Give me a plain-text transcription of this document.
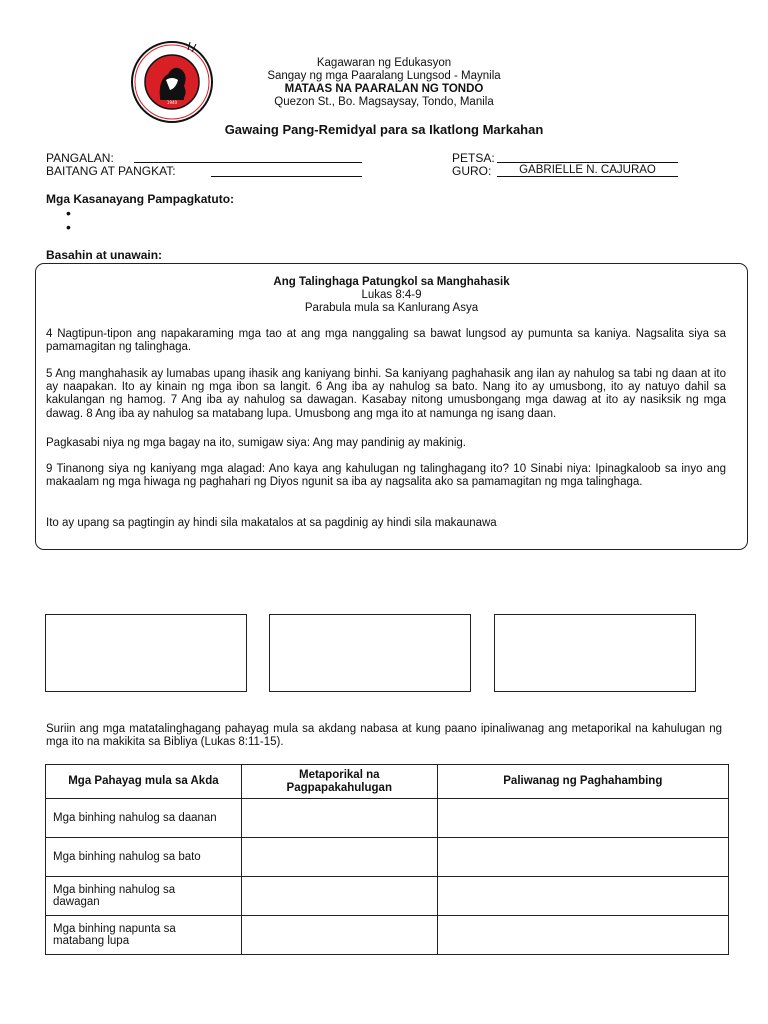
1940
Kagawaran ng Edukasyon
Sangay ng mga Paaralang Lungsod - Maynila
MATAAS NA PAARALAN NG TONDO
Quezon St., Bo. Magsaysay, Tondo, Manila
Gawaing Pang-Remidyal para sa Ikatlong Markahan
PANGALAN:
BAITANG AT PANGKAT:
PETSA:
GURO:	GABRIELLE N. CAJURAO
Mga Kasanayang Pampagkatuto:
•
•
Basahin at unawain:
Ang Talinghaga Patungkol sa Manghahasik
Lukas 8:4-9
Parabula mula sa Kanlurang Asya
4 Nagtipun-tipon ang napakaraming mga tao at ang mga nanggaling sa bawat lungsod ay pumunta sa kaniya. Nagsalita siya sa pamamagitan ng talinghaga.
5 Ang manghahasik ay lumabas upang ihasik ang kaniyang binhi. Sa kaniyang paghahasik ang ilan ay nahulog sa tabi ng daan at ito ay naapakan. Ito ay kinain ng mga ibon sa langit. 6 Ang iba ay nahulog sa bato. Nang ito ay umusbong, ito ay natuyo dahil sa kakulangan ng hamog. 7 Ang iba ay nahulog sa dawagan. Kasabay nitong umusbongang mga dawag at ito ay nasiksik ng mga dawag. 8 Ang iba ay nahulog sa matabang lupa. Umusbong ang mga ito at namunga ng isang daan.
Pagkasabi niya ng mga bagay na ito, sumigaw siya: Ang may pandinig ay makinig.
9 Tinanong siya ng kaniyang mga alagad: Ano kaya ang kahulugan ng talinghagang ito? 10 Sinabi niya: Ipinagkaloob sa inyo ang makaalam ng mga hiwaga ng paghahari ng Diyos ngunit sa iba ay nagsalita ako sa pamamagitan ng mga talinghaga.
Ito ay upang sa pagtingin ay hindi sila makatalos at sa pagdinig ay hindi sila makaunawa
Suriin ang mga matatalinghagang pahayag mula sa akdang nabasa at kung paano ipinaliwanag ang metaporikal na kahulugan ng mga ito na makikita sa Bibliya (Lukas 8:11-15).
Mga Pahayag mula sa Akda	Metaporikal na Pagpapakahulugan	Paliwanag ng Paghahambing
Mga binhing nahulog sa daanan		
Mga binhing nahulog sa bato		

Mga binhing nahulog sa dawagan		

Mga binhing napunta sa matabang lupa		
